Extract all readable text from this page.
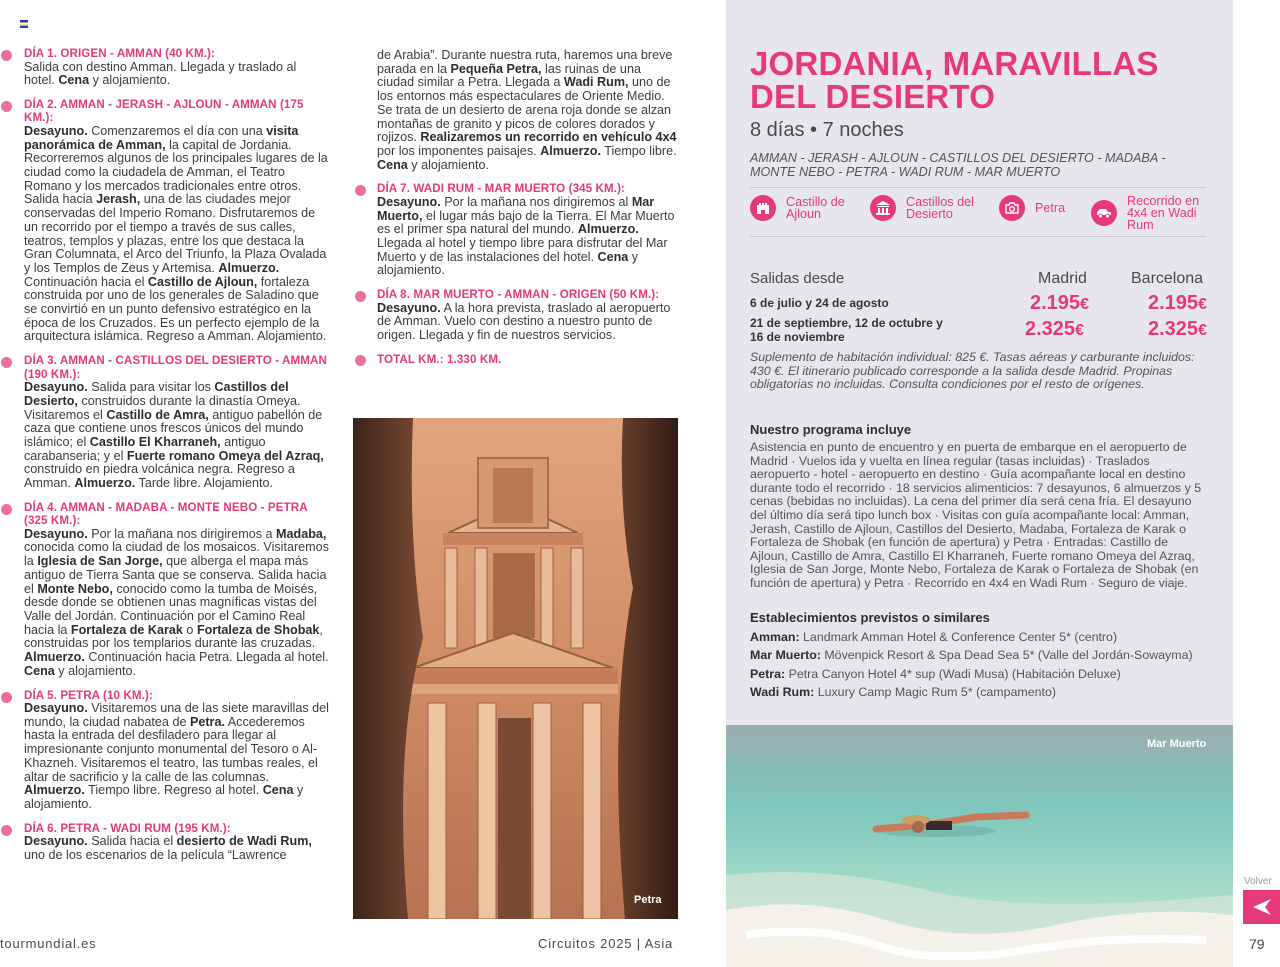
DÍA 1. ORIGEN - AMMAN (40 KM.):
Salida con destino Amman. Llegada y traslado al hotel. Cena y alojamiento.
DÍA 2. AMMAN - JERASH - AJLOUN - AMMAN (175 KM.):
Desayuno. Comenzaremos el día con una visita panorámica de Amman, la capital de Jordania. Recorreremos algunos de los principales lugares de la ciudad como la ciudadela de Amman, el Teatro Romano y los mercados tradicionales entre otros. Salida hacia Jerash, una de las ciudades mejor conservadas del Imperio Romano. Disfrutaremos de un recorrido por el tiempo a través de sus calles, teatros, templos y plazas, entre los que destaca la Gran Columnata, el Arco del Triunfo, la Plaza Ovalada y los Templos de Zeus y Artemisa. Almuerzo. Continuación hacia el Castillo de Ajloun, fortaleza construida por uno de los generales de Saladino que se convirtió en un punto defensivo estratégico en la época de los Cruzados. Es un perfecto ejemplo de la arquitectura islámica. Regreso a Amman. Alojamiento.
DÍA 3. AMMAN - CASTILLOS DEL DESIERTO - AMMAN (190 KM.):
Desayuno. Salida para visitar los Castillos del Desierto, construidos durante la dinastía Omeya. Visitaremos el Castillo de Amra, antiguo pabellón de caza que contiene unos frescos únicos del mundo islámico; el Castillo El Kharraneh, antiguo carabanseria; y el Fuerte romano Omeya del Azraq, construido en piedra volcánica negra. Regreso a Amman. Almuerzo. Tarde libre. Alojamiento.
DÍA 4. AMMAN - MADABA - MONTE NEBO - PETRA (325 KM.):
Desayuno. Por la mañana nos dirigiremos a Madaba, conocida como la ciudad de los mosaicos. Visitaremos la Iglesia de San Jorge, que alberga el mapa más antiguo de Tierra Santa que se conserva. Salida hacia el Monte Nebo, conocido como la tumba de Moisés, desde donde se obtienen unas magníficas vistas del Valle del Jordán. Continuación por el Camino Real hacia la Fortaleza de Karak o Fortaleza de Shobak, construidas por los templarios durante las cruzadas. Almuerzo. Continuación hacia Petra. Llegada al hotel. Cena y alojamiento.
DÍA 5. PETRA (10 KM.):
Desayuno. Visitaremos una de las siete maravillas del mundo, la ciudad nabatea de Petra. Accederemos hasta la entrada del desfiladero para llegar al impresionante conjunto monumental del Tesoro o Al-Khazneh. Visitaremos el teatro, las tumbas reales, el altar de sacrificio y la calle de las columnas. Almuerzo. Tiempo libre. Regreso al hotel. Cena y alojamiento.
DÍA 6. PETRA - WADI RUM (195 KM.):
Desayuno. Salida hacia el desierto de Wadi Rum, uno de los escenarios de la película “Lawrence
de Arabia”. Durante nuestra ruta, haremos una breve parada en la Pequeña Petra, las ruinas de una ciudad similar a Petra. Llegada a Wadi Rum, uno de los entornos más espectaculares de Oriente Medio. Se trata de un desierto de arena roja donde se alzan montañas de granito y picos de colores dorados y rojizos. Realizaremos un recorrido en vehículo 4x4 por los imponentes paisajes. Almuerzo. Tiempo libre. Cena y alojamiento.
DÍA 7. WADI RUM - MAR MUERTO (345 KM.):
Desayuno. Por la mañana nos dirigiremos al Mar Muerto, el lugar más bajo de la Tierra. El Mar Muerto es el primer spa natural del mundo. Almuerzo. Llegada al hotel y tiempo libre para disfrutar del Mar Muerto y de las instalaciones del hotel. Cena y alojamiento.
DÍA 8. MAR MUERTO - AMMAN - ORIGEN (50 KM.):
Desayuno. A la hora prevista, traslado al aeropuerto de Amman. Vuelo con destino a nuestro punto de origen. Llegada y fin de nuestros servicios.
TOTAL KM.: 1.330 KM.
Petra
tourmundial.es	Circuitos 2025 | Asia
JORDANIA, MARAVILLAS DEL DESIERTO
8 días • 7 noches
AMMAN - JERASH - AJLOUN - CASTILLOS DEL DESIERTO - MADABA - MONTE NEBO - PETRA - WADI RUM - MAR MUERTO
Castillo de Ajloun
Castillos del Desierto	Petra	Recorrido en 4x4 en Wadi Rum
Salidas desde	Madrid	Barcelona
6 de julio y 24 de agosto	2.195€	2.195€
21 de septiembre, 12 de octubre y 16 de noviembre	2.325€	2.325€
Suplemento de habitación individual: 825 €. Tasas aéreas y carburante incluidos: 430 €. El itinerario publicado corresponde a la salida desde Madrid. Propinas obligatorias no incluidas. Consulta condiciones por el resto de orígenes.
Nuestro programa incluye
Asistencia en punto de encuentro y en puerta de embarque en el aeropuerto de Madrid · Vuelos ida y vuelta en línea regular (tasas incluidas) · Traslados aeropuerto - hotel - aeropuerto en destino · Guía acompañante local en destino durante todo el recorrido · 18 servicios alimenticios: 7 desayunos, 6 almuerzos y 5 cenas (bebidas no incluidas). La cena del primer día será cena fría. El desayuno del último día será tipo lunch box · Visitas con guía acompañante local: Amman, Jerash, Castillo de Ajloun, Castillos del Desierto, Madaba, Fortaleza de Karak o Fortaleza de Shobak (en función de apertura) y Petra · Entradas: Castillo de Ajloun, Castillo de Amra, Castillo El Kharraneh, Fuerte romano Omeya del Azraq, Iglesia de San Jorge, Monte Nebo, Fortaleza de Karak o Fortaleza de Shobak (en función de apertura) y Petra · Recorrido en 4x4 en Wadi Rum · Seguro de viaje.
Establecimientos previstos o similares
Amman: Landmark Amman Hotel & Conference Center 5* (centro)
Mar Muerto: Mövenpick Resort & Spa Dead Sea 5* (Valle del Jordán-Sowayma)
Petra: Petra Canyon Hotel 4* sup (Wadi Musa) (Habitación Deluxe)
Wadi Rum: Luxury Camp Magic Rum 5* (campamento)
Mar Muerto
Volver
79
